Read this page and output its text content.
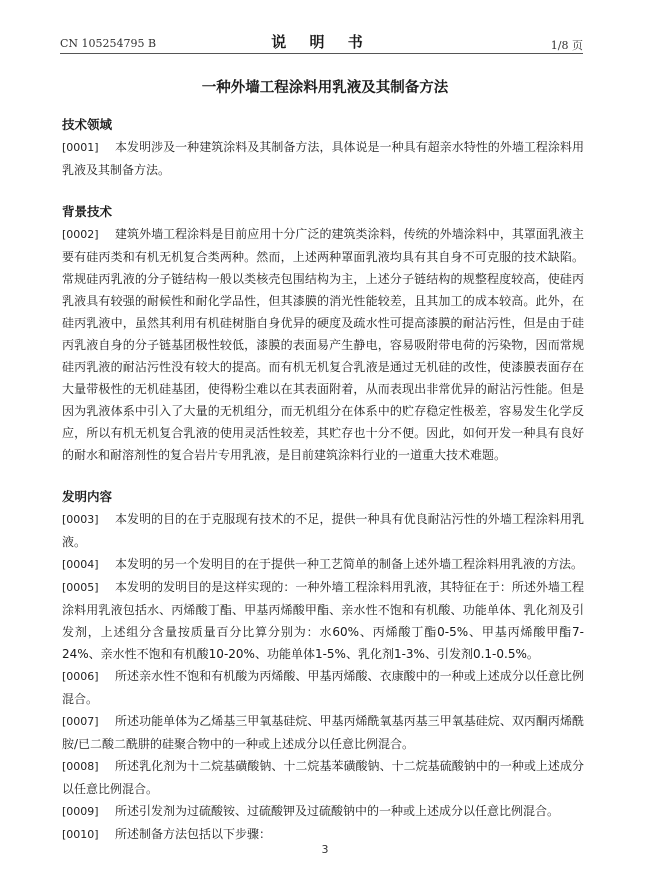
CN 105254795 B	说 明 书	1/8 页
一种外墙工程涂料用乳液及其制备方法
技术领域

[0001] 本发明涉及一种建筑涂料及其制备方法，具体说是一种具有超亲水特性的外墙工程涂料用乳液及其制备方法。

背景技术

[0002] 建筑外墙工程涂料是目前应用十分广泛的建筑类涂料，传统的外墙涂料中，其罩面乳液主要有硅丙类和有机无机复合类两种。然而，上述两种罩面乳液均具有其自身不可克服的技术缺陷。常规硅丙乳液的分子链结构一般以类核壳包围结构为主，上述分子链结构的规整程度较高，使硅丙乳液具有较强的耐候性和耐化学品性，但其漆膜的消光性能较差，且其加工的成本较高。此外，在硅丙乳液中，虽然其利用有机硅树脂自身优异的硬度及疏水性可提高漆膜的耐沾污性，但是由于硅丙乳液自身的分子链基团极性较低，漆膜的表面易产生静电，容易吸附带电荷的污染物，因而常规硅丙乳液的耐沾污性没有较大的提高。而有机无机复合乳液是通过无机硅的改性，使漆膜表面存在大量带极性的无机硅基团，使得粉尘难以在其表面附着，从而表现出非常优异的耐沾污性能。但是因为乳液体系中引入了大量的无机组分，而无机组分在体系中的贮存稳定性极差，容易发生化学反应，所以有机无机复合乳液的使用灵活性较差，其贮存也十分不便。因此，如何开发一种具有良好的耐水和耐溶剂性的复合岩片专用乳液，是目前建筑涂料行业的一道重大技术难题。

发明内容

[0003] 本发明的目的在于克服现有技术的不足，提供一种具有优良耐沾污性的外墙工程涂料用乳液。

[0004] 本发明的另一个发明目的在于提供一种工艺简单的制备上述外墙工程涂料用乳液的方法。

[0005] 本发明的发明目的是这样实现的：一种外墙工程涂料用乳液，其特征在于：所述外墙工程涂料用乳液包括水、丙烯酸丁酯、甲基丙烯酸甲酯、亲水性不饱和有机酸、功能单体、乳化剂及引发剂，上述组分含量按质量百分比算分别为：水60%、丙烯酸丁酯0-5%、甲基丙烯酸甲酯7-24%、亲水性不饱和有机酸10-20%、功能单体1-5%、乳化剂1-3%、引发剂0.1-0.5%。

[0006] 所述亲水性不饱和有机酸为丙烯酸、甲基丙烯酸、衣康酸中的一种或上述成分以任意比例混合。

[0007] 所述功能单体为乙烯基三甲氧基硅烷、甲基丙烯酰氧基丙基三甲氧基硅烷、双丙酮丙烯酰胺/已二酸二酰肼的硅聚合物中的一种或上述成分以任意比例混合。

[0008] 所述乳化剂为十二烷基磺酸钠、十二烷基苯磺酸钠、十二烷基硫酸钠中的一种或上述成分以任意比例混合。

[0009] 所述引发剂为过硫酸铵、过硫酸钾及过硫酸钠中的一种或上述成分以任意比例混合。

[0010] 所述制备方法包括以下步骤：

3
